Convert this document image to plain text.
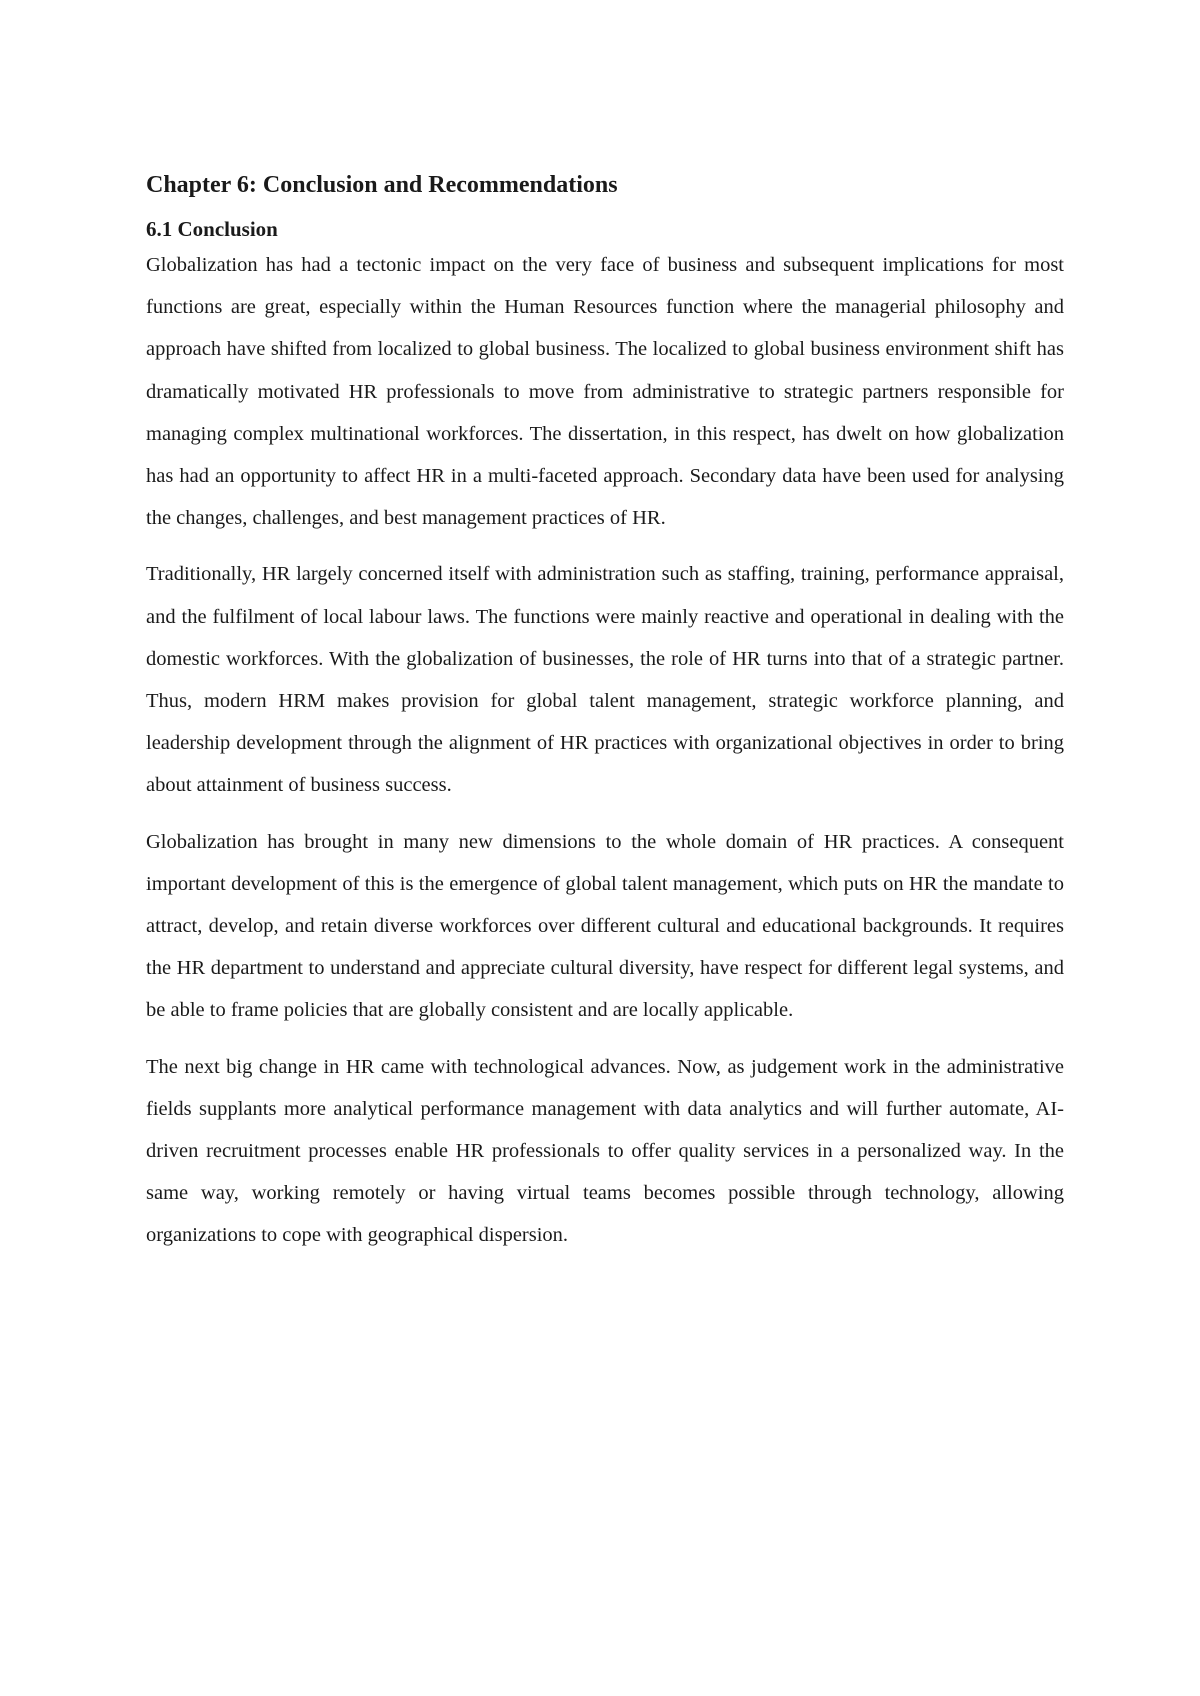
Chapter 6: Conclusion and Recommendations
6.1 Conclusion

Globalization has had a tectonic impact on the very face of business and subsequent implications for most functions are great, especially within the Human Resources function where the managerial philosophy and approach have shifted from localized to global business. The localized to global business environment shift has dramatically motivated HR professionals to move from administrative to strategic partners responsible for managing complex multinational workforces. The dissertation, in this respect, has dwelt on how globalization has had an opportunity to affect HR in a multi-faceted approach. Secondary data have been used for analysing the changes, challenges, and best management practices of HR.

Traditionally, HR largely concerned itself with administration such as staffing, training, performance appraisal, and the fulfilment of local labour laws. The functions were mainly reactive and operational in dealing with the domestic workforces. With the globalization of businesses, the role of HR turns into that of a strategic partner. Thus, modern HRM makes provision for global talent management, strategic workforce planning, and leadership development through the alignment of HR practices with organizational objectives in order to bring about attainment of business success.

Globalization has brought in many new dimensions to the whole domain of HR practices. A consequent important development of this is the emergence of global talent management, which puts on HR the mandate to attract, develop, and retain diverse workforces over different cultural and educational backgrounds. It requires the HR department to understand and appreciate cultural diversity, have respect for different legal systems, and be able to frame policies that are globally consistent and are locally applicable.

The next big change in HR came with technological advances. Now, as judgement work in the administrative fields supplants more analytical performance management with data analytics and will further automate, AI-driven recruitment processes enable HR professionals to offer quality services in a personalized way. In the same way, working remotely or having virtual teams becomes possible through technology, allowing organizations to cope with geographical dispersion.
